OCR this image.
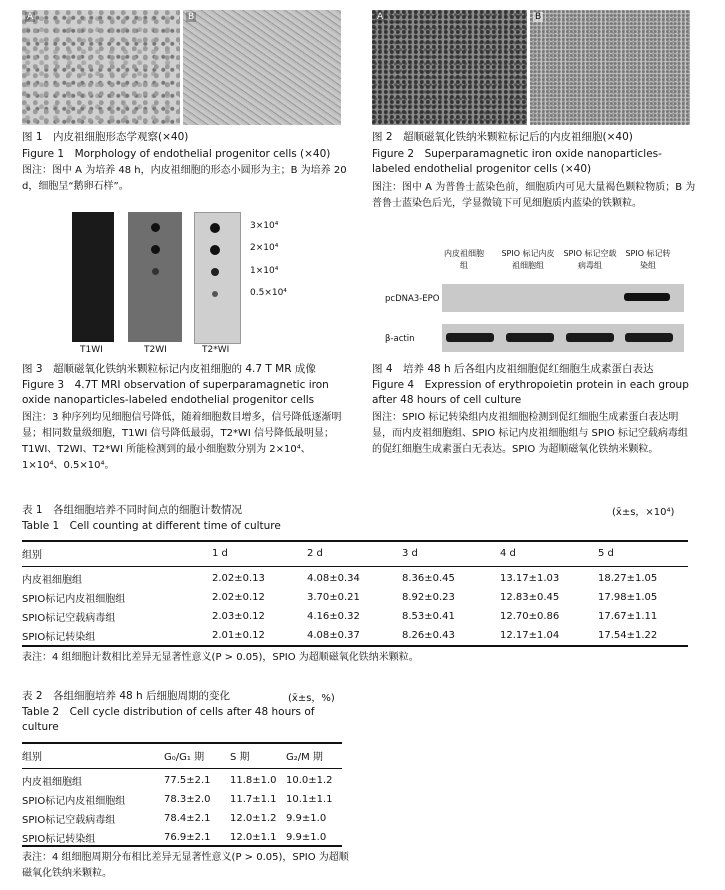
A	B
图 1　内皮祖细胞形态学观察(×40)
Figure 1　Morphology of endothelial progenitor cells (×40)
图注：图中 A 为培养 48 h，内皮祖细胞的形态小圆形为主；B 为培养 20 d，细胞呈“鹅卵石样”。
A	B
图 2　超顺磁氧化铁纳米颗粒标记后的内皮祖细胞(×40)
Figure 2　Superparamagnetic iron oxide nanoparticles-labeled endothelial progenitor cells (×40)
图注：图中 A 为普鲁士蓝染色前，细胞质内可见大量褐色颗粒物质；B 为普鲁士蓝染色后光，学显微镜下可见细胞质内蓝染的铁颗粒。
3×10⁴
2×10⁴
1×10⁴
0.5×10⁴
T1WI	T2WI	T2*WI
图 3　超顺磁氧化铁纳米颗粒标记内皮祖细胞的 4.7 T MR 成像
Figure 3　4.7T MRI observation of superparamagnetic iron oxide nanoparticles-labeled endothelial progenitor cells
图注：3 种序列均见细胞信号降低，随着细胞数目增多，信号降低逐渐明显；相同数量级细胞，T1WI 信号降低最弱，T2*WI 信号降低最明显；T1WI、T2WI、T2*WI 所能检测到的最小细胞数分别为 2×10⁴、1×10⁴、0.5×10⁴。
内皮祖细胞组
SPIO 标记内皮祖细胞组
SPIO 标记空载病毒组
SPIO 标记转染组
pcDNA3-EPO
β-actin
图 4　培养 48 h 后各组内皮祖细胞促红细胞生成素蛋白表达
Figure 4　Expression of erythropoietin protein in each group after 48 hours of cell culture
图注：SPIO 标记转染组内皮祖细胞检测到促红细胞生成素蛋白表达明显，而内皮祖细胞组、SPIO 标记内皮祖细胞组与 SPIO 标记空载病毒组的促红细胞生成素蛋白无表达。SPIO 为超顺磁氧化铁纳米颗粒。
表 1　各组细胞培养不同时间点的细胞计数情况
Table 1　Cell counting at different time of culture
(x̄±s，×10⁴)
组别	1 d	2 d	3 d	4 d	5 d

内皮祖细胞组	2.02±0.13	4.08±0.34	8.36±0.45	13.17±1.03	18.27±1.05
SPIO标记内皮祖细胞组	2.02±0.12	3.70±0.21	8.92±0.23	12.83±0.45	17.98±1.05
SPIO标记空载病毒组	2.03±0.12	4.16±0.32	8.53±0.41	12.70±0.86	17.67±1.11
SPIO标记转染组	2.01±0.12	4.08±0.37	8.26±0.43	12.17±1.04	17.54±1.22
表注：4 组细胞计数相比差异无显著性意义(P > 0.05)，SPIO 为超顺磁氧化铁纳米颗粒。
表 2　各组细胞培养 48 h 后细胞周期的变化	(x̄±s，%)
Table 2　Cell cycle distribution of cells after 48 hours of culture
组别	G₀/G₁ 期	S 期	G₂/M 期

内皮祖细胞组	77.5±2.1	11.8±1.0	10.0±1.2
SPIO标记内皮祖细胞组	78.3±2.0	11.7±1.1	10.1±1.1
SPIO标记空载病毒组	78.4±2.1	12.0±1.2	9.9±1.0
SPIO标记转染组	76.9±2.1	12.0±1.1	9.9±1.0
表注：4 组细胞周期分布相比差异无显著性意义(P > 0.05)，SPIO 为超顺磁氧化铁纳米颗粒。
